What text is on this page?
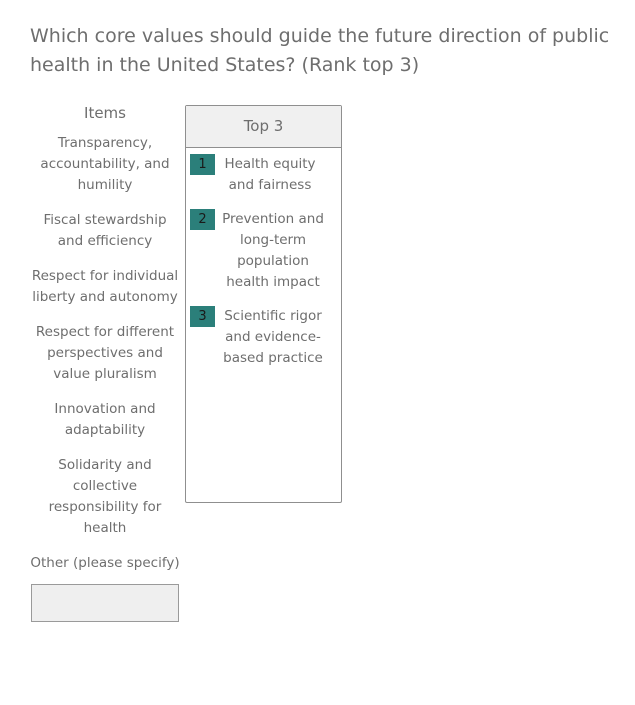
Which core values should guide the future direction of public health in the United States? (Rank top 3)
Items
Transparency, accountability, and humility
Fiscal stewardship and efficiency
Respect for individual liberty and autonomy
Respect for different perspectives and value pluralism
Innovation and adaptability
Solidarity and collective responsibility for health
Other (please specify)
Top 3
1	Health equity and fairness
2	Prevention and long-term population health impact
3	Scientific rigor and evidence-based practice
